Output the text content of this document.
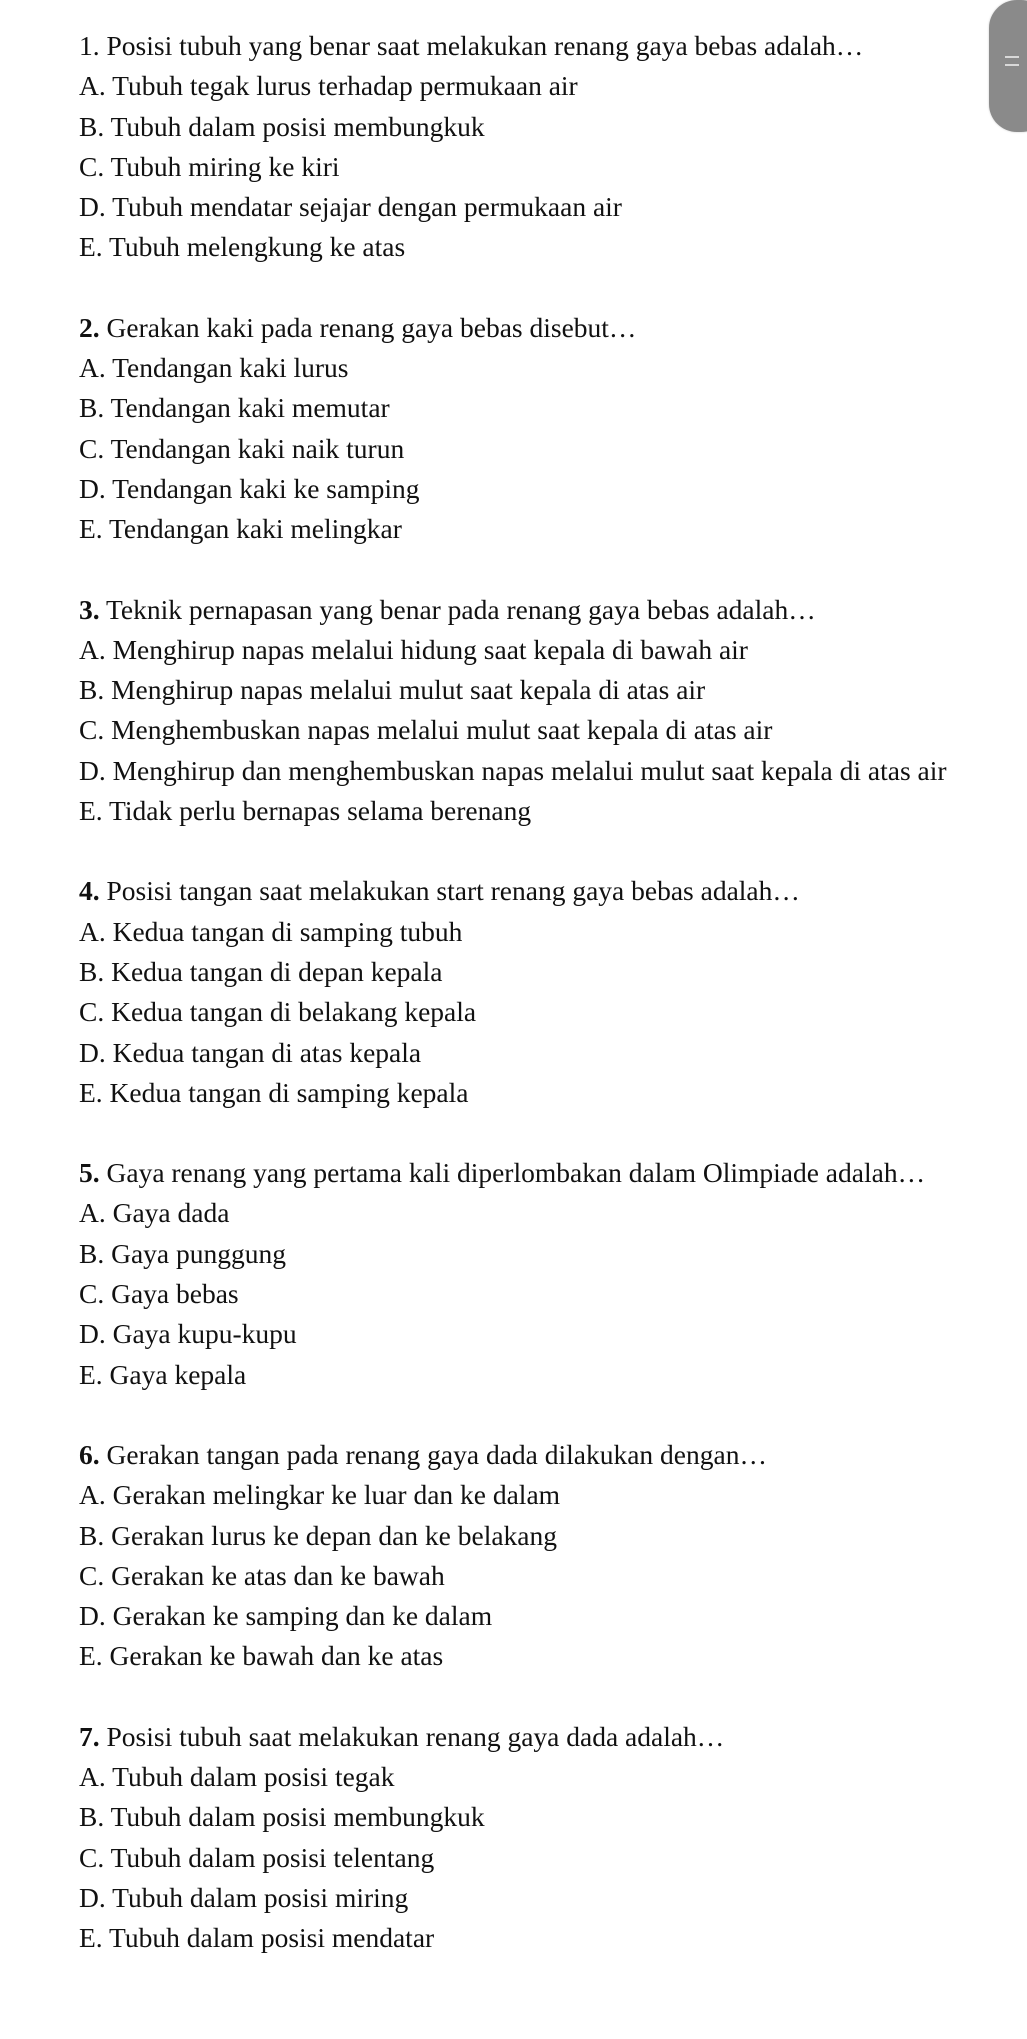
1. Posisi tubuh yang benar saat melakukan renang gaya bebas adalah…

A. Tubuh tegak lurus terhadap permukaan air
B. Tubuh dalam posisi membungkuk
C. Tubuh miring ke kiri
D. Tubuh mendatar sejajar dengan permukaan air
E. Tubuh melengkung ke atas

2. Gerakan kaki pada renang gaya bebas disebut…

A. Tendangan kaki lurus
B. Tendangan kaki memutar
C. Tendangan kaki naik turun
D. Tendangan kaki ke samping
E. Tendangan kaki melingkar

3. Teknik pernapasan yang benar pada renang gaya bebas adalah…

A. Menghirup napas melalui hidung saat kepala di bawah air
B. Menghirup napas melalui mulut saat kepala di atas air
C. Menghembuskan napas melalui mulut saat kepala di atas air
D. Menghirup dan menghembuskan napas melalui mulut saat kepala di atas air
E. Tidak perlu bernapas selama berenang

4. Posisi tangan saat melakukan start renang gaya bebas adalah…

A. Kedua tangan di samping tubuh
B. Kedua tangan di depan kepala
C. Kedua tangan di belakang kepala
D. Kedua tangan di atas kepala
E. Kedua tangan di samping kepala

5. Gaya renang yang pertama kali diperlombakan dalam Olimpiade adalah…

A. Gaya dada
B. Gaya punggung
C. Gaya bebas
D. Gaya kupu-kupu
E. Gaya kepala

6. Gerakan tangan pada renang gaya dada dilakukan dengan…

A. Gerakan melingkar ke luar dan ke dalam
B. Gerakan lurus ke depan dan ke belakang
C. Gerakan ke atas dan ke bawah
D. Gerakan ke samping dan ke dalam
E. Gerakan ke bawah dan ke atas

7. Posisi tubuh saat melakukan renang gaya dada adalah…

A. Tubuh dalam posisi tegak
B. Tubuh dalam posisi membungkuk
C. Tubuh dalam posisi telentang
D. Tubuh dalam posisi miring
E. Tubuh dalam posisi mendatar
